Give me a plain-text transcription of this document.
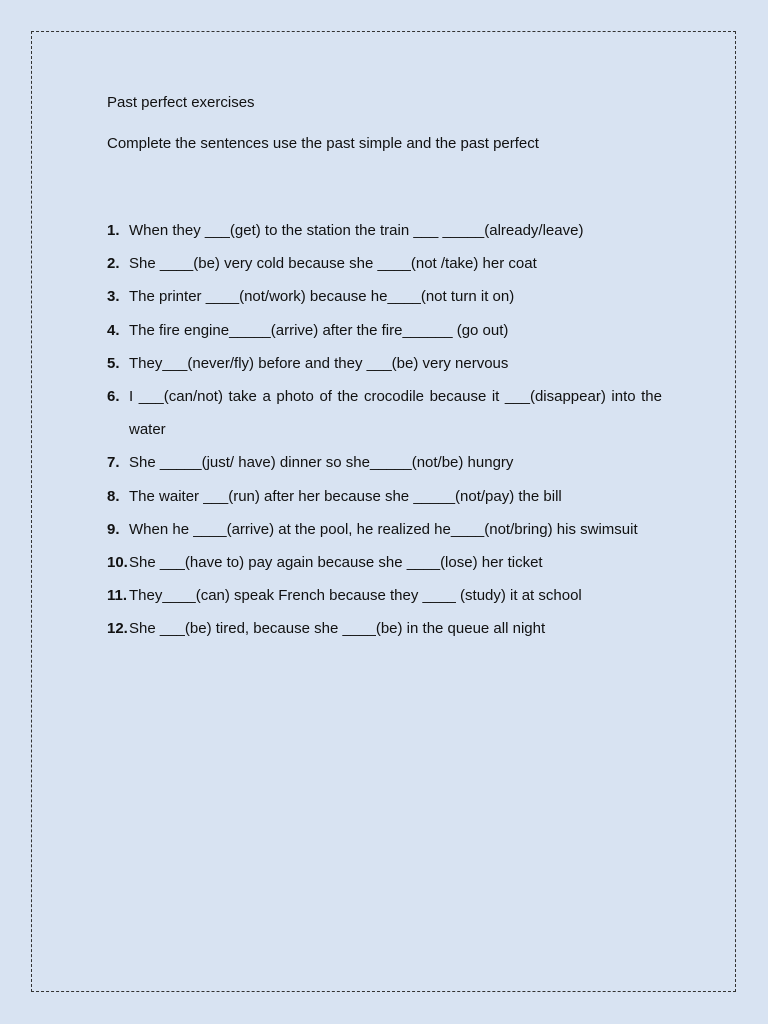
Past perfect exercises

Complete the sentences use the past simple and the past perfect

1. When they ___(get) to the station the train ___ _____(already/leave)
2. She ____(be) very cold because she ____(not /take) her coat
3. The printer ____(not/work) because he____(not turn it on)
4. The fire engine_____(arrive) after the fire______ (go out)
5. They___(never/fly) before and they ___(be) very nervous
6. I ___(can/not) take a photo of the crocodile because it ___(disappear) into the water
7. She _____(just/ have) dinner so she_____(not/be) hungry
8. The waiter ___(run) after her because she _____(not/pay) the bill
9. When he ____(arrive) at the pool, he realized he____(not/bring) his swimsuit
10. She ___(have to) pay again because she ____(lose) her ticket
11. They____(can) speak French because they ____ (study) it at school
12. She ___(be) tired, because she ____(be) in the queue all night
